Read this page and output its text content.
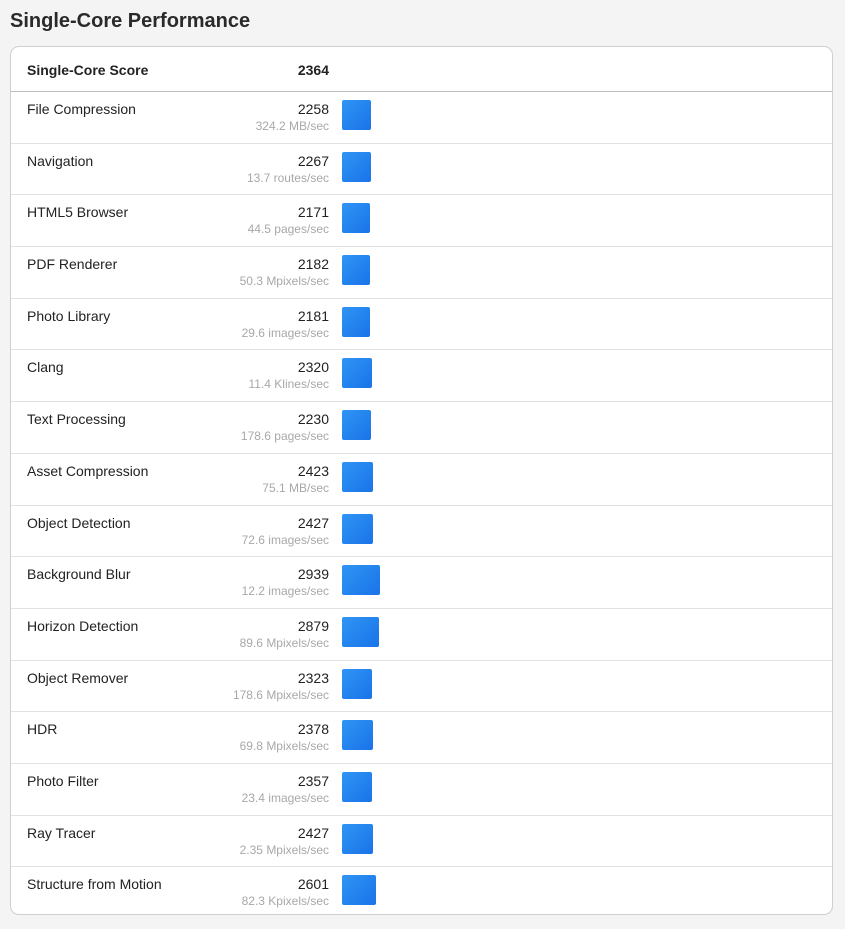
Single-Core Performance
Single-Core Score	2364
File Compression	2258
324.2 MB/sec
Navigation	2267
13.7 routes/sec
HTML5 Browser	2171
44.5 pages/sec
PDF Renderer	2182
50.3 Mpixels/sec
Photo Library	2181
29.6 images/sec
Clang	2320
11.4 Klines/sec
Text Processing	2230
178.6 pages/sec
Asset Compression	2423
75.1 MB/sec
Object Detection	2427
72.6 images/sec
Background Blur	2939
12.2 images/sec
Horizon Detection	2879
89.6 Mpixels/sec
Object Remover	2323
178.6 Mpixels/sec
HDR	2378
69.8 Mpixels/sec
Photo Filter	2357
23.4 images/sec
Ray Tracer	2427
2.35 Mpixels/sec
Structure from Motion	2601
82.3 Kpixels/sec
